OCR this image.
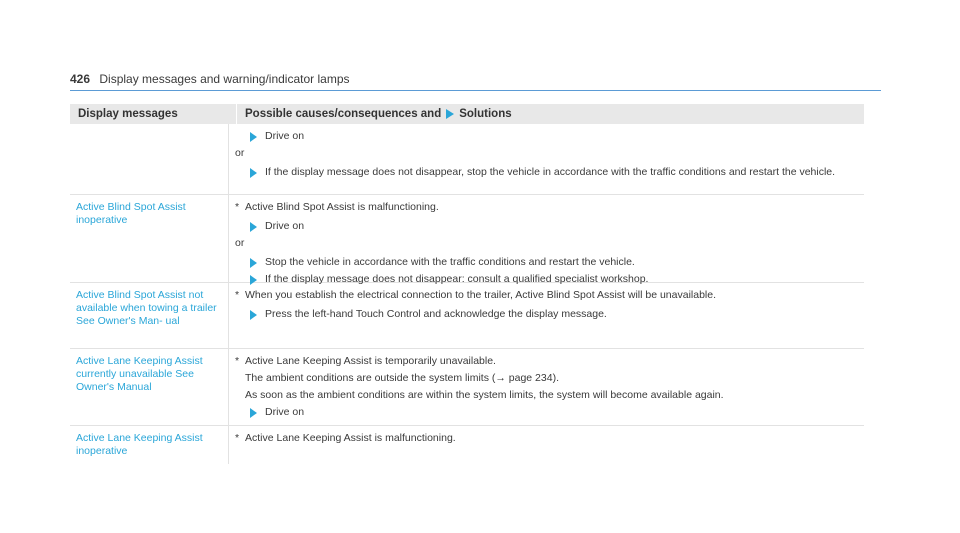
426 Display messages and warning/indicator lamps
Display messages	Possible causes/consequences and Solutions
Drive on
or
If the display message does not disappear, stop the vehicle in accordance with the traffic conditions and restart the vehicle.
Active Blind Spot Assist inoperative
* Active Blind Spot Assist is malfunctioning.
Drive on
or
Stop the vehicle in accordance with the traffic conditions and restart the vehicle.
If the display message does not disappear: consult a qualified specialist workshop.
Active Blind Spot Assist not available when towing a trailer See Owner's Man- ual
* When you establish the electrical connection to the trailer, Active Blind Spot Assist will be unavailable.
Press the left-hand Touch Control and acknowledge the display message.
Active Lane Keeping Assist currently unavailable See Owner's Manual
* Active Lane Keeping Assist is temporarily unavailable.
The ambient conditions are outside the system limits (→ page 234).
As soon as the ambient conditions are within the system limits, the system will become available again.
Drive on
Active Lane Keeping Assist inoperative
* Active Lane Keeping Assist is malfunctioning.
